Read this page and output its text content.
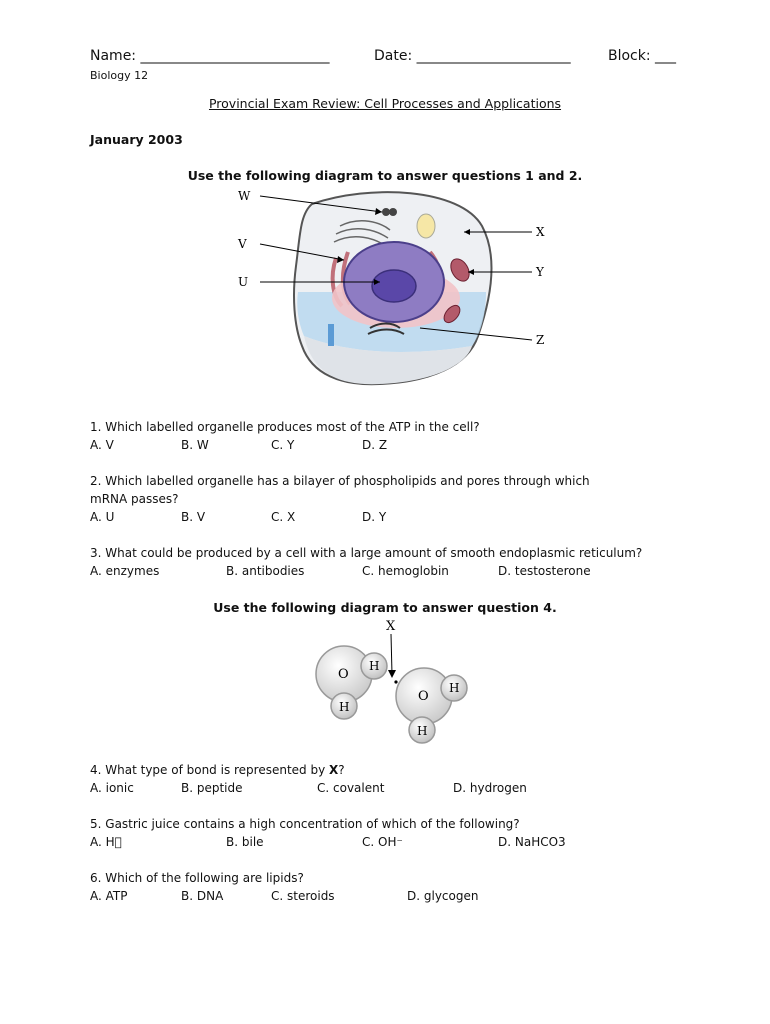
Name: ___________________________	Date: ______________________	Block: ___
Biology 12
Provincial Exam Review: Cell Processes and Applications
January 2003
Use the following diagram to answer questions 1 and 2.
W
V
U
X
Y
Z
1. Which labelled organelle produces most of the ATP in the cell?
A. V	B. W	C. Y	D. Z
2. Which labelled organelle has a bilayer of phospholipids and pores through which
mRNA passes?
A. U	B. V	C. X	D. Y
3. What could be produced by a cell with a large amount of smooth endoplasmic reticulum?
A. enzymes	B. antibodies	C. hemoglobin	D. testosterone
Use the following diagram to answer question 4.
X
O
H
H
O
H
H
4. What type of bond is represented by X?
A. ionic	B. peptide	C. covalent	D. hydrogen
5. Gastric juice contains a high concentration of which of the following?
A. H 	B. bile	C. OH⁻	D. NaHCO3
6. Which of the following are lipids?
A. ATP	B. DNA	C. steroids	D. glycogen
